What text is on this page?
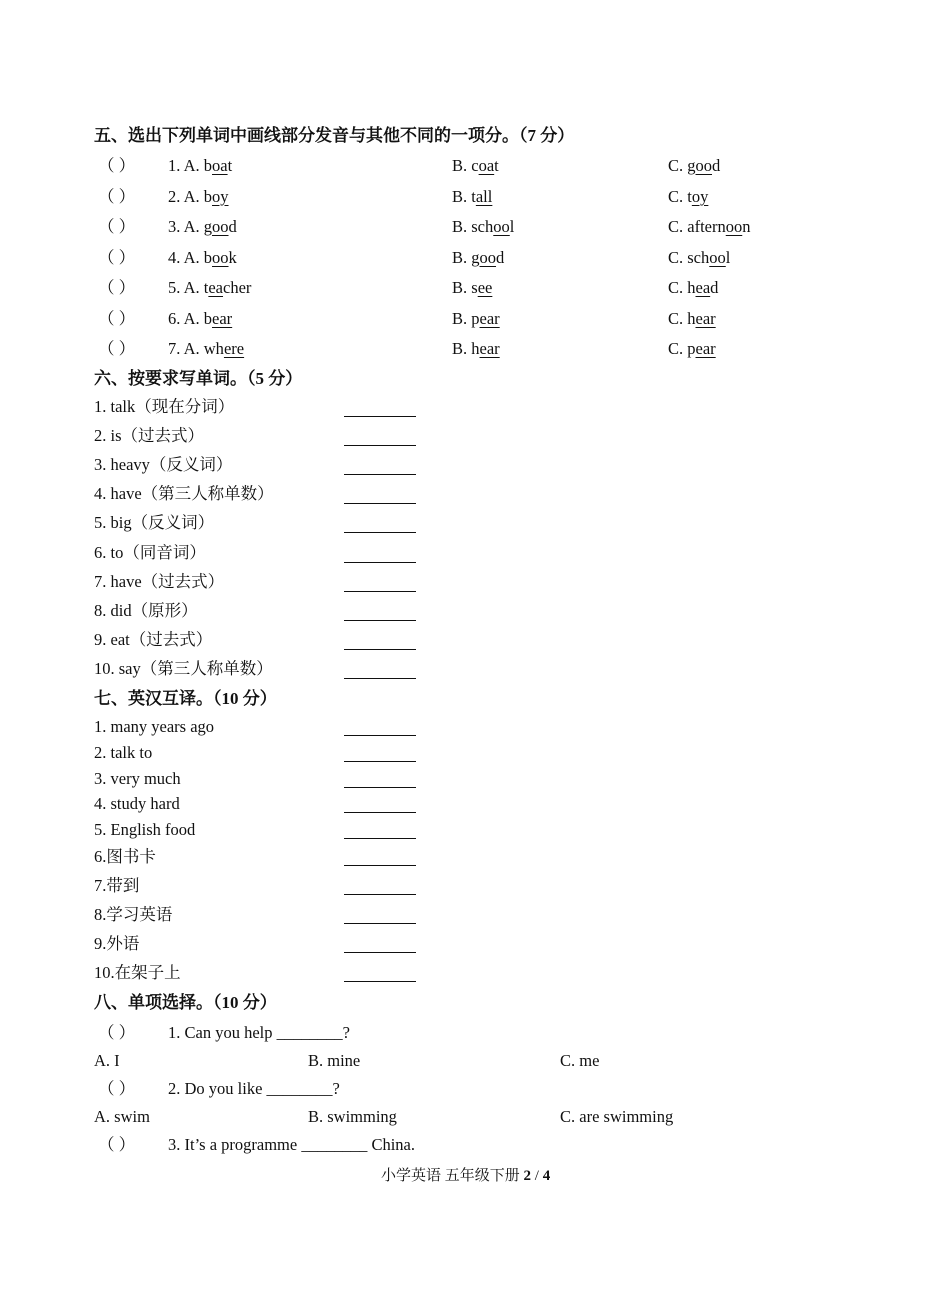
五、选出下列单词中画线部分发音与其他不同的一项分。（7 分）
（ ） 1. A. boat	B. coat	C. good
（ ） 2. A. boy	B. tall	C. toy
（ ） 3. A. good	B. school	C. afternoon
（ ） 4. A. book	B. good	C. school
（ ） 5. A. teacher	B. see	C. head
（ ） 6. A. bear	B. pear	C. hear
（ ） 7. A. where	B. hear	C. pear
六、按要求写单词。（5 分）
1. talk（现在分词）
2. is（过去式）
3. heavy（反义词）
4. have（第三人称单数）
5. big（反义词）
6. to（同音词）
7. have（过去式）
8. did（原形）
9. eat（过去式）
10. say（第三人称单数）
七、英汉互译。（10 分）
1. many years ago
2. talk to
3. very much
4. study hard
5. English food
6.图书卡
7.带到
8.学习英语
9.外语
10.在架子上
八、单项选择。（10 分）
（ ） 1. Can you help ________?
A. I	B. mine	C. me
（ ） 2. Do you like ________?
A. swim	B. swimming	C. are swimming
（ ） 3. It’s a programme ________ China.
小学英语 五年级下册 2 / 4
